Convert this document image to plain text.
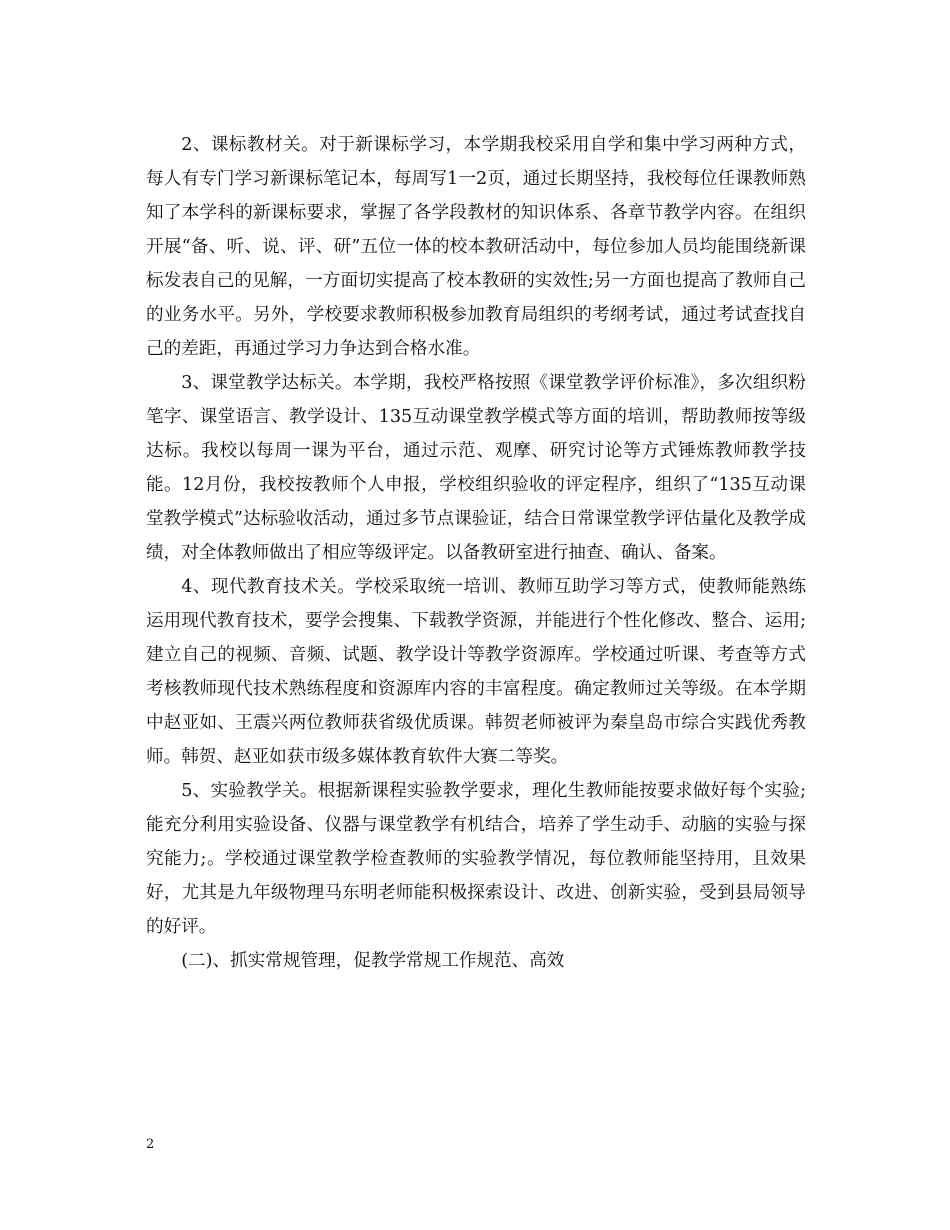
2、课标教材关。对于新课标学习，本学期我校采用自学和集中学习两种方式，每人有专门学习新课标笔记本，每周写1一2页，通过长期坚持，我校每位任课教师熟知了本学科的新课标要求，掌握了各学段教材的知识体系、各章节教学内容。在组织开展“备、听、说、评、研”五位一体的校本教研活动中，每位参加人员均能围绕新课标发表自己的见解，一方面切实提高了校本教研的实效性;另一方面也提高了教师自己的业务水平。另外，学校要求教师积极参加教育局组织的考纲考试，通过考试查找自己的差距，再通过学习力争达到合格水准。

3、课堂教学达标关。本学期，我校严格按照《课堂教学评价标准》，多次组织粉笔字、课堂语言、教学设计、135互动课堂教学模式等方面的培训，帮助教师按等级达标。我校以每周一课为平台，通过示范、观摩、研究讨论等方式锤炼教师教学技能。12月份，我校按教师个人申报，学校组织验收的评定程序，组织了“135互动课堂教学模式”达标验收活动，通过多节点课验证，结合日常课堂教学评估量化及教学成绩，对全体教师做出了相应等级评定。以备教研室进行抽查、确认、备案。

4、现代教育技术关。学校采取统一培训、教师互助学习等方式，使教师能熟练运用现代教育技术，要学会搜集、下载教学资源，并能进行个性化修改、整合、运用;建立自己的视频、音频、试题、教学设计等教学资源库。学校通过听课、考查等方式考核教师现代技术熟练程度和资源库内容的丰富程度。确定教师过关等级。在本学期中赵亚如、王震兴两位教师获省级优质课。韩贺老师被评为秦皇岛市综合实践优秀教师。韩贺、赵亚如获市级多媒体教育软件大赛二等奖。

5、实验教学关。根据新课程实验教学要求，理化生教师能按要求做好每个实验;能充分利用实验设备、仪器与课堂教学有机结合，培养了学生动手、动脑的实验与探究能力;。学校通过课堂教学检查教师的实验教学情况，每位教师能坚持用，且效果好，尤其是九年级物理马东明老师能积极探索设计、改进、创新实验，受到县局领导的好评。

(二)、抓实常规管理，促教学常规工作规范、高效

2
